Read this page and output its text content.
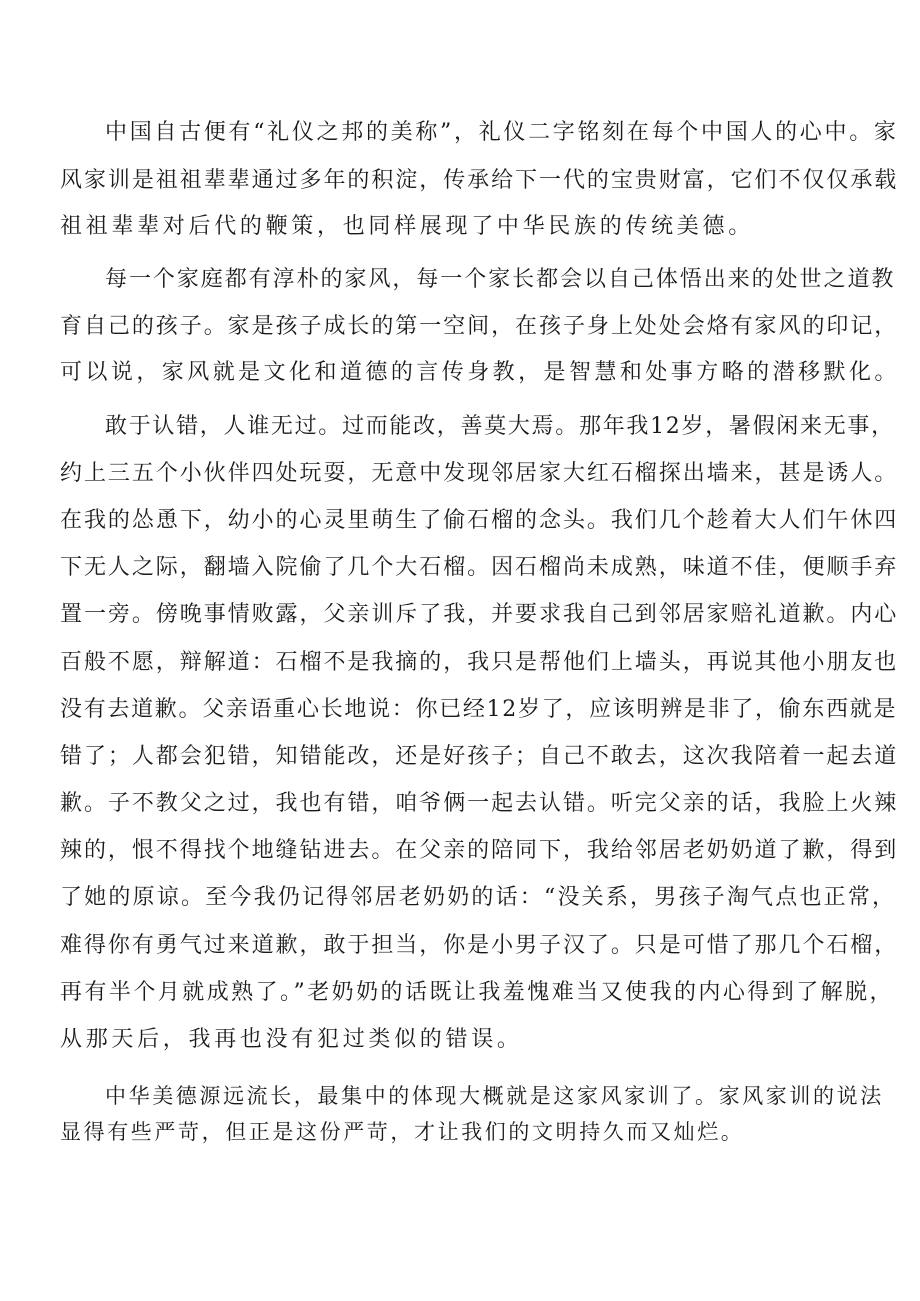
中国自古便有“礼仪之邦的美称”，礼仪二字铭刻在每个中国人的心中。家
风家训是祖祖辈辈通过多年的积淀，传承给下一代的宝贵财富，它们不仅仅承载
祖祖辈辈对后代的鞭策，也同样展现了中华民族的传统美德。
每一个家庭都有淳朴的家风，每一个家长都会以自己体悟出来的处世之道教
育自己的孩子。家是孩子成长的第一空间，在孩子身上处处会烙有家风的印记，
可以说，家风就是文化和道德的言传身教，是智慧和处事方略的潜移默化。
敢于认错，人谁无过。过而能改，善莫大焉。那年我12岁，暑假闲来无事，
约上三五个小伙伴四处玩耍，无意中发现邻居家大红石榴探出墙来，甚是诱人。
在我的怂恿下，幼小的心灵里萌生了偷石榴的念头。我们几个趁着大人们午休四
下无人之际，翻墙入院偷了几个大石榴。因石榴尚未成熟，味道不佳，便顺手弃
置一旁。傍晚事情败露，父亲训斥了我，并要求我自己到邻居家赔礼道歉。内心
百般不愿，辩解道：石榴不是我摘的，我只是帮他们上墙头，再说其他小朋友也
没有去道歉。父亲语重心长地说：你已经12岁了，应该明辨是非了，偷东西就是
错了；人都会犯错，知错能改，还是好孩子；自己不敢去，这次我陪着一起去道
歉。子不教父之过，我也有错，咱爷俩一起去认错。听完父亲的话，我脸上火辣
辣的，恨不得找个地缝钻进去。在父亲的陪同下，我给邻居老奶奶道了歉，得到
了她的原谅。至今我仍记得邻居老奶奶的话：“没关系，男孩子淘气点也正常，
难得你有勇气过来道歉，敢于担当，你是小男子汉了。只是可惜了那几个石榴，
再有半个月就成熟了。”老奶奶的话既让我羞愧难当又使我的内心得到了解脱，
从那天后，我再也没有犯过类似的错误。
中华美德源远流长，最集中的体现大概就是这家风家训了。家风家训的说法
显得有些严苛，但正是这份严苛，才让我们的文明持久而又灿烂。
